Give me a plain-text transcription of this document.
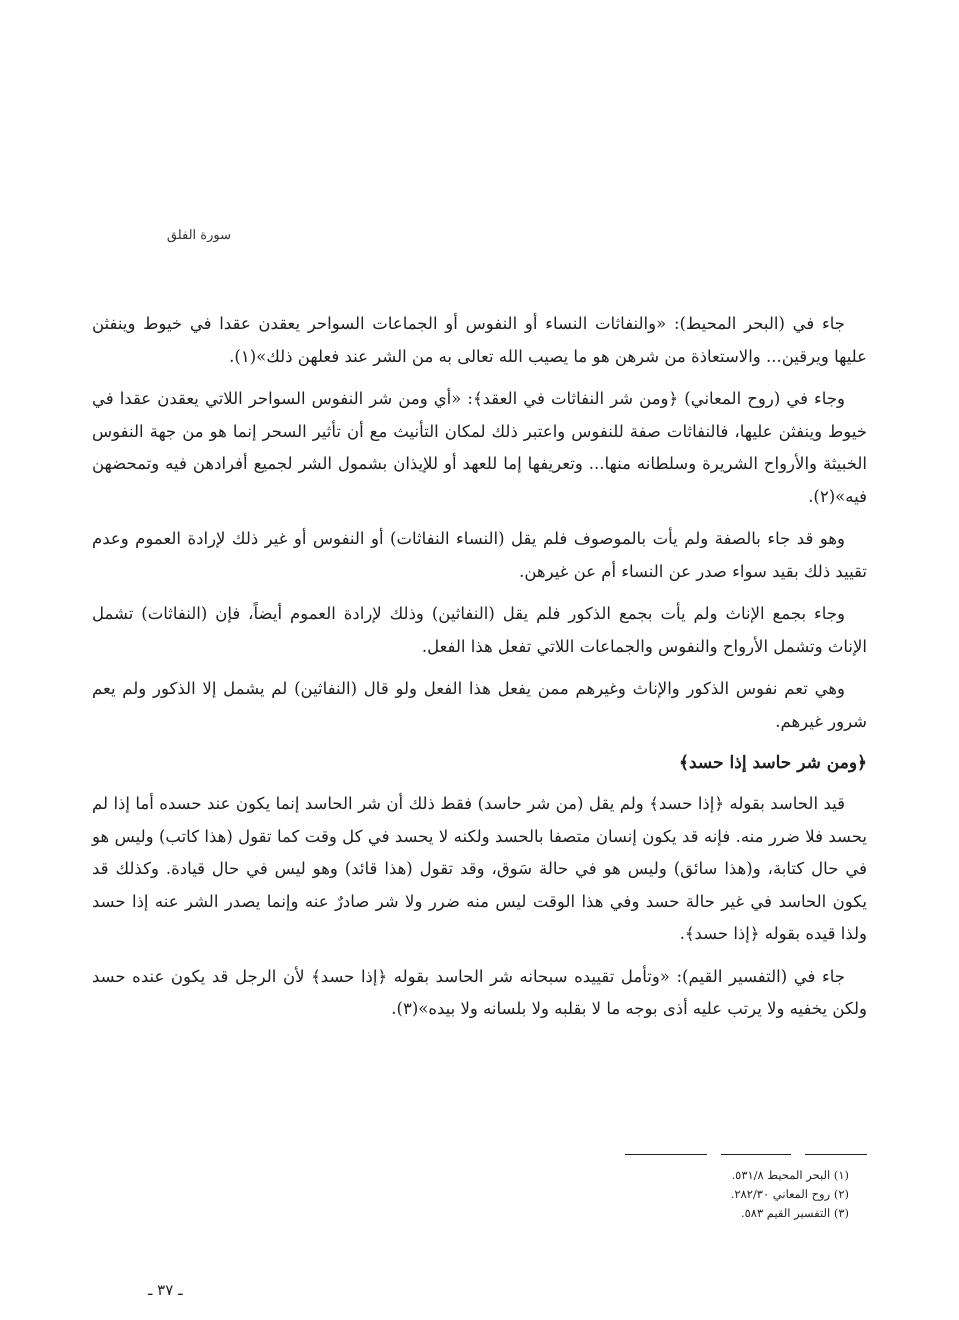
سورة الفلق

جاء في (البحر المحيط): «والنفاثات النساء أو النفوس أو الجماعات السواحر يعقدن عقدا في خيوط وينفثن عليها ويرقين... والاستعاذة من شرهن هو ما يصيب الله تعالى به من الشر عند فعلهن ذلك»(١).

وجاء في (روح المعاني) ﴿ومن شر النفاثات في العقد﴾: «أي ومن شر النفوس السواحر اللاتي يعقدن عقدا في خيوط وينفثن عليها، فالنفاثات صفة للنفوس واعتبر ذلك لمكان التأنيث مع أن تأثير السحر إنما هو من جهة النفوس الخبيثة والأرواح الشريرة وسلطانه منها... وتعريفها إما للعهد أو للإيذان بشمول الشر لجميع أفرادهن فيه وتمحضهن فيه»(٢).

وهو قد جاء بالصفة ولم يأت بالموصوف فلم يقل (النساء النفاثات) أو النفوس أو غير ذلك لإرادة العموم وعدم تقييد ذلك بقيد سواء صدر عن النساء أم عن غيرهن.

وجاء بجمع الإناث ولم يأت بجمع الذكور فلم يقل (النفاثين) وذلك لإرادة العموم أيضاً، فإن (النفاثات) تشمل الإناث وتشمل الأرواح والنفوس والجماعات اللاتي تفعل هذا الفعل.

وهي تعم نفوس الذكور والإناث وغيرهم ممن يفعل هذا الفعل ولو قال (النفاثين) لم يشمل إلا الذكور ولم يعم شرور غيرهم.

﴿ومن شر حاسد إذا حسد﴾

قيد الحاسد بقوله ﴿إذا حسد﴾ ولم يقل (من شر حاسد) فقط ذلك أن شر الحاسد إنما يكون عند حسده أما إذا لم يحسد فلا ضرر منه. فإنه قد يكون إنسان متصفا بالحسد ولكنه لا يحسد في كل وقت كما تقول (هذا كاتب) وليس هو في حال كتابة، و(هذا سائق) وليس هو في حالة سَوق، وقد تقول (هذا قائد) وهو ليس في حال قيادة. وكذلك قد يكون الحاسد في غير حالة حسد وفي هذا الوقت ليس منه ضرر ولا شر صادرٌ عنه وإنما يصدر الشر عنه إذا حسد ولذا قيده بقوله ﴿إذا حسد﴾.

جاء في (التفسير القيم): «وتأمل تقييده سبحانه شر الحاسد بقوله ﴿إذا حسد﴾ لأن الرجل قد يكون عنده حسد ولكن يخفيه ولا يرتب عليه أذى بوجه ما لا بقلبه ولا بلسانه ولا بيده»(٣).

(١) البحر المحيط ٥٣١/٨.
(٢) روح المعاني ٢٨٢/٣٠.
(٣) التفسير القيم ٥٨٣.
ـ ٣٧ ـ
